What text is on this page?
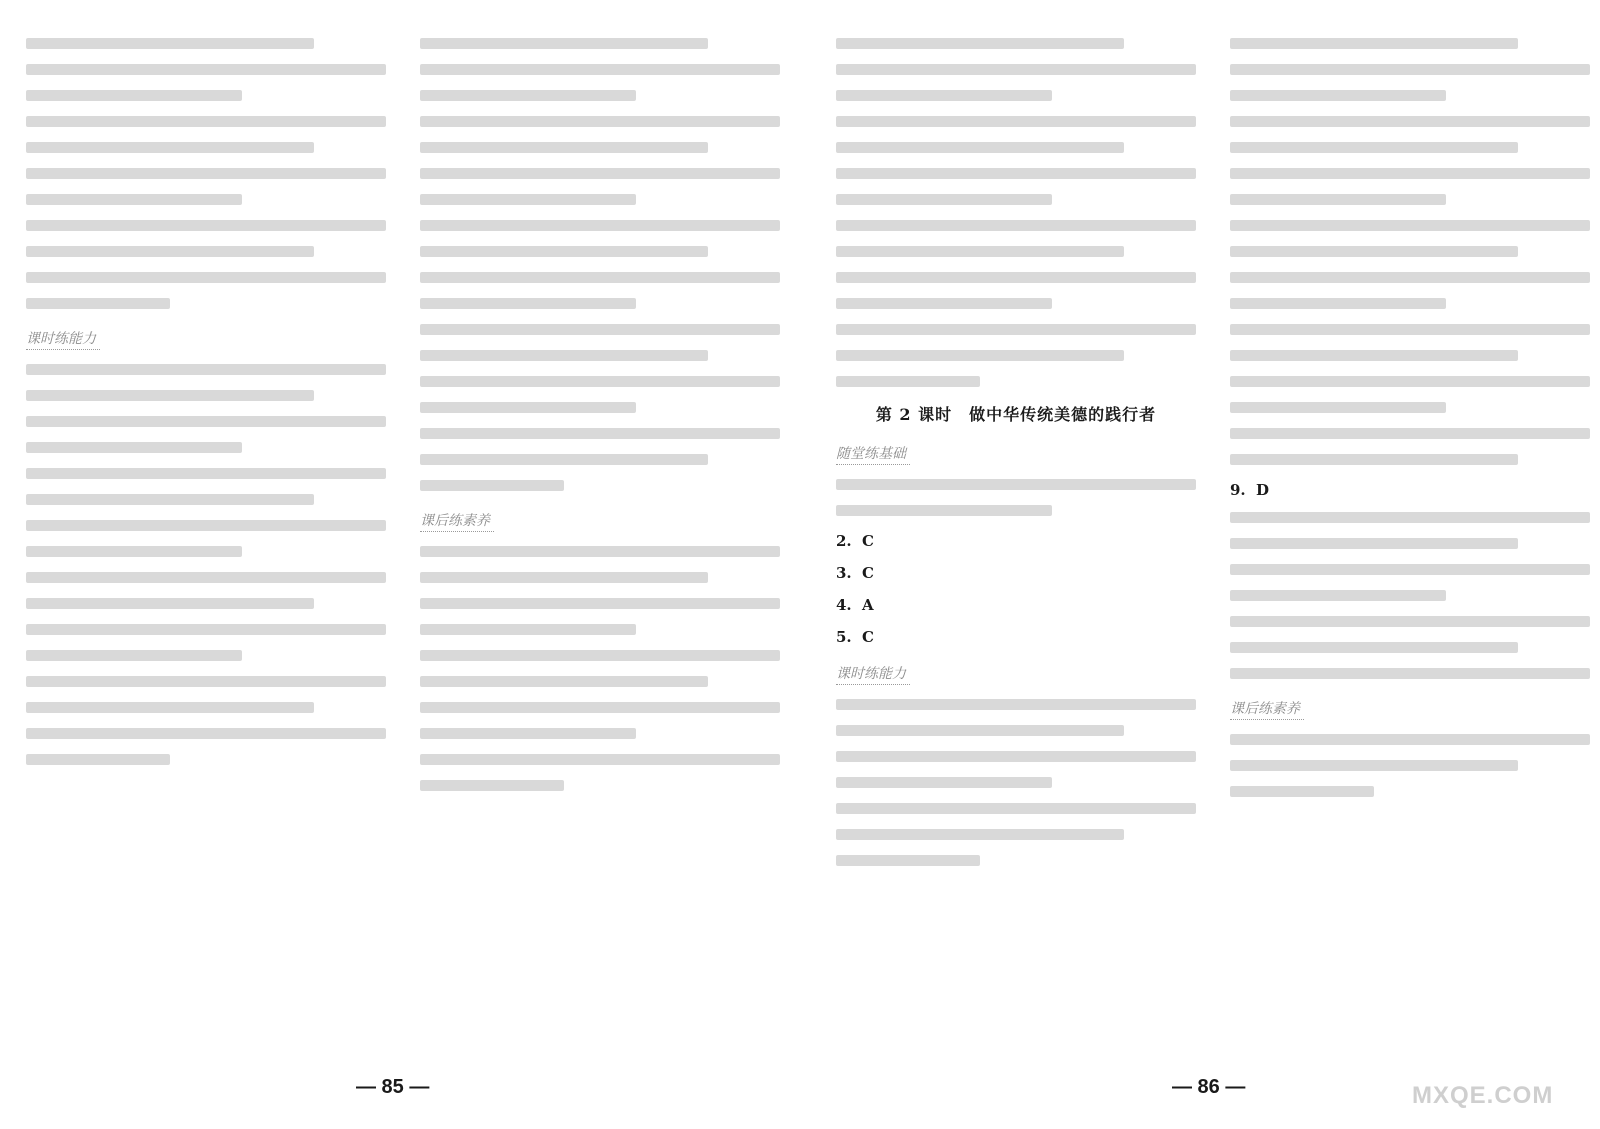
课时练能力
课后练素养
第 2 课时　做中华传统美德的践行者
随堂练基础
2. C
3. C
4. A
5. C
课时练能力
9. D
课后练素养
— 85 —	— 86 —	MXQE.COM
